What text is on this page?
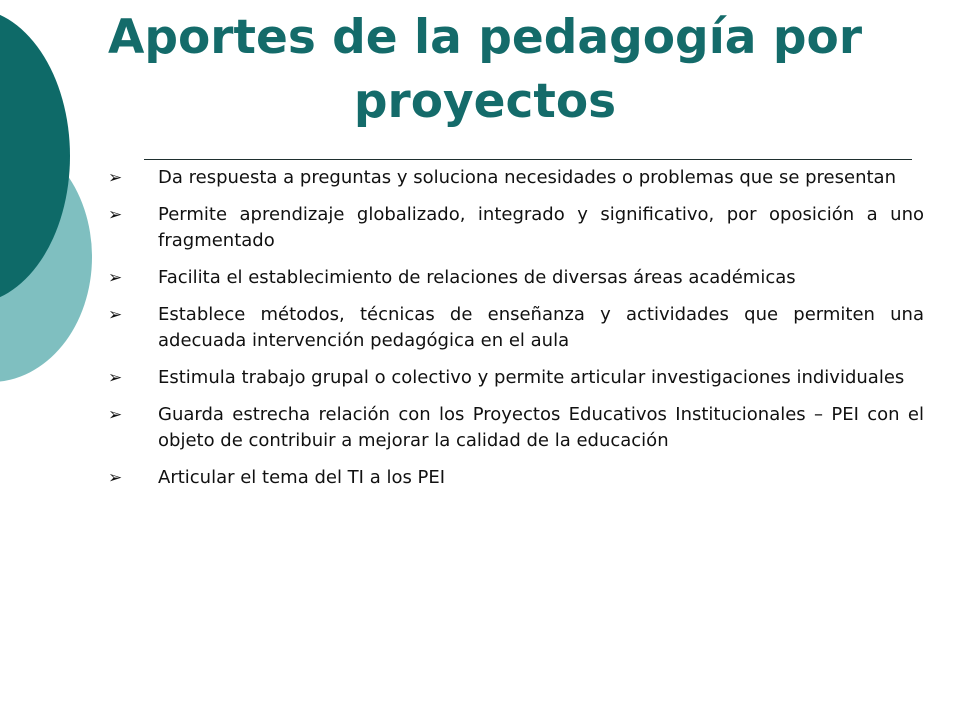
Aportes de la pedagogía por proyectos
➢ Da respuesta a preguntas y soluciona necesidades o problemas que se presentan
➢ Permite aprendizaje globalizado, integrado y significativo, por oposición a uno fragmentado
➢ Facilita el establecimiento de relaciones de diversas áreas académicas
➢ Establece métodos, técnicas de enseñanza y actividades que permiten una adecuada intervención pedagógica en el aula
➢ Estimula trabajo grupal o colectivo y permite articular investigaciones individuales
➢ Guarda estrecha relación con los Proyectos Educativos Institucionales – PEI con el objeto de contribuir a mejorar la calidad de la educación
➢ Articular el tema del TI a los PEI
